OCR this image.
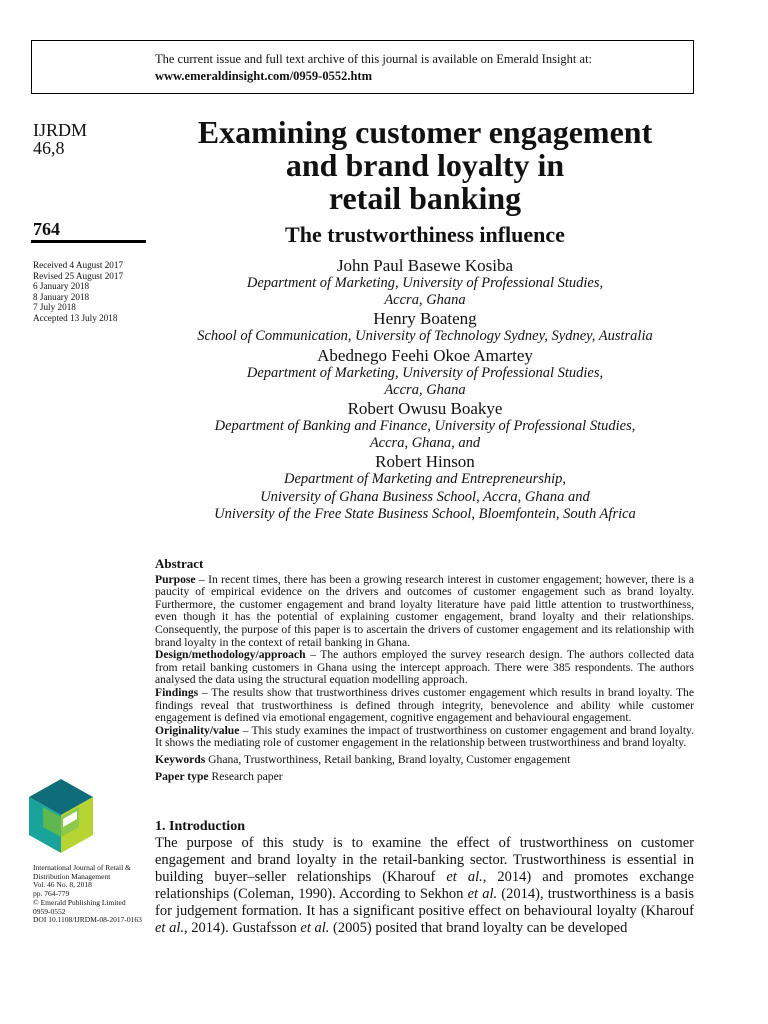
The current issue and full text archive of this journal is available on Emerald Insight at:
www.emeraldinsight.com/0959-0552.htm
IJRDM
46,8
764
Received 4 August 2017
Revised 25 August 2017
6 January 2018
8 January 2018
7 July 2018
Accepted 13 July 2018
Examining customer engagement
and brand loyalty in
retail banking
The trustworthiness influence
John Paul Basewe Kosiba
Department of Marketing, University of Professional Studies,
Accra, Ghana
Henry Boateng
School of Communication, University of Technology Sydney, Sydney, Australia
Abednego Feehi Okoe Amartey
Department of Marketing, University of Professional Studies,
Accra, Ghana
Robert Owusu Boakye
Department of Banking and Finance, University of Professional Studies,
Accra, Ghana, and
Robert Hinson
Department of Marketing and Entrepreneurship,
University of Ghana Business School, Accra, Ghana and
University of the Free State Business School, Bloemfontein, South Africa
Abstract
Purpose – In recent times, there has been a growing research interest in customer engagement; however, there is a paucity of empirical evidence on the drivers and outcomes of customer engagement such as brand loyalty. Furthermore, the customer engagement and brand loyalty literature have paid little attention to trustworthiness, even though it has the potential of explaining customer engagement, brand loyalty and their relationships. Consequently, the purpose of this paper is to ascertain the drivers of customer engagement and its relationship with brand loyalty in the context of retail banking in Ghana.
Design/methodology/approach – The authors employed the survey research design. The authors collected data from retail banking customers in Ghana using the intercept approach. There were 385 respondents. The authors analysed the data using the structural equation modelling approach.
Findings – The results show that trustworthiness drives customer engagement which results in brand loyalty. The findings reveal that trustworthiness is defined through integrity, benevolence and ability while customer engagement is defined via emotional engagement, cognitive engagement and behavioural engagement.
Originality/value – This study examines the impact of trustworthiness on customer engagement and brand loyalty. It shows the mediating role of customer engagement in the relationship between trustworthiness and brand loyalty.
Keywords Ghana, Trustworthiness, Retail banking, Brand loyalty, Customer engagement
Paper type Research paper
1. Introduction
The purpose of this study is to examine the effect of trustworthiness on customer engagement and brand loyalty in the retail-banking sector. Trustworthiness is essential in building buyer–seller relationships (Kharouf et al., 2014) and promotes exchange relationships (Coleman, 1990). According to Sekhon et al. (2014), trustworthiness is a basis for judgement formation. It has a significant positive effect on behavioural loyalty (Kharouf et al., 2014). Gustafsson et al. (2005) posited that brand loyalty can be developed
International Journal of Retail &
Distribution Management
Vol. 46 No. 8, 2018
pp. 764-779
© Emerald Publishing Limited
0959-0552
DOI 10.1108/IJRDM-08-2017-0163
